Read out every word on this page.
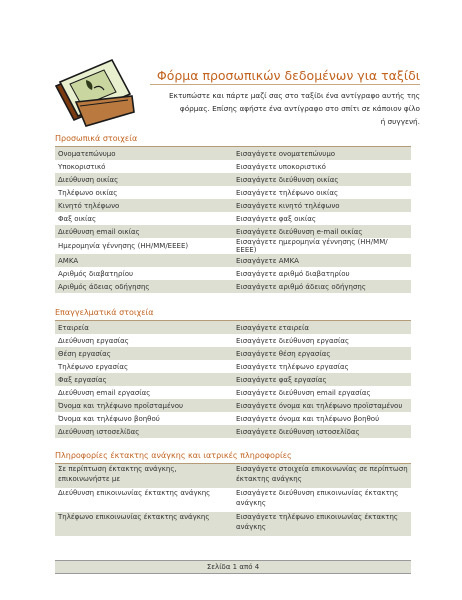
Φόρμα προσωπικών δεδομένων για ταξίδι
Εκτυπώστε και πάρτε μαζί σας στο ταξίδι ένα αντίγραφο αυτής της
φόρμας. Επίσης αφήστε ένα αντίγραφο στο σπίτι σε κάποιον φίλο
ή συγγενή.
Προσωπικά στοιχεία
Ονοματεπώνυμο	Εισαγάγετε ονοματεπώνυμο
Υποκοριστικό	Εισαγάγετε υποκοριστικό
Διεύθυνση οικίας	Εισαγάγετε διεύθυνση οικίας
Τηλέφωνο οικίας	Εισαγάγετε τηλέφωνο οικίας
Κινητό τηλέφωνο	Εισαγάγετε κινητό τηλέφωνο
Φαξ οικίας	Εισαγάγετε φαξ οικίας
Διεύθυνση email οικίας	Εισαγάγετε διεύθυνση e-mail οικίας
Ημερομηνία γέννησης (ΗΗ/ΜΜ/ΕΕΕΕ)	Εισαγάγετε ημερομηνία γέννησης (ΗΗ/ΜΜ/ΕΕΕΕ)
ΑΜΚΑ	Εισαγάγετε ΑΜΚΑ
Αριθμός διαβατηρίου	Εισαγάγετε αριθμό διαβατηρίου
Αριθμός άδειας οδήγησης	Εισαγάγετε αριθμό άδειας οδήγησης
Επαγγελματικά στοιχεία
Εταιρεία	Εισαγάγετε εταιρεία
Διεύθυνση εργασίας	Εισαγάγετε διεύθυνση εργασίας
Θέση εργασίας	Εισαγάγετε θέση εργασίας
Τηλέφωνο εργασίας	Εισαγάγετε τηλέφωνο εργασίας
Φαξ εργασίας	Εισαγάγετε φαξ εργασίας
Διεύθυνση email εργασίας	Εισαγάγετε διεύθυνση email εργασίας
Όνομα και τηλέφωνο προϊσταμένου	Εισαγάγετε όνομα και τηλέφωνο προϊσταμένου
Όνομα και τηλέφωνο βοηθού	Εισαγάγετε όνομα και τηλέφωνο βοηθού
Διεύθυνση ιστοσελίδας	Εισαγάγετε διεύθυνση ιστοσελίδας
Πληροφορίες έκτακτης ανάγκης και ιατρικές πληροφορίες
Σε περίπτωση έκτακτης ανάγκης, επικοινωνήστε με	Εισαγάγετε στοιχεία επικοινωνίας σε περίπτωση έκτακτης ανάγκης
Διεύθυνση επικοινωνίας έκτακτης ανάγκης	Εισαγάγετε διεύθυνση επικοινωνίας έκτακτης ανάγκης
Τηλέφωνο επικοινωνίας έκτακτης ανάγκης	Εισαγάγετε τηλέφωνο επικοινωνίας έκτακτης ανάγκης
Σελίδα 1 από 4
